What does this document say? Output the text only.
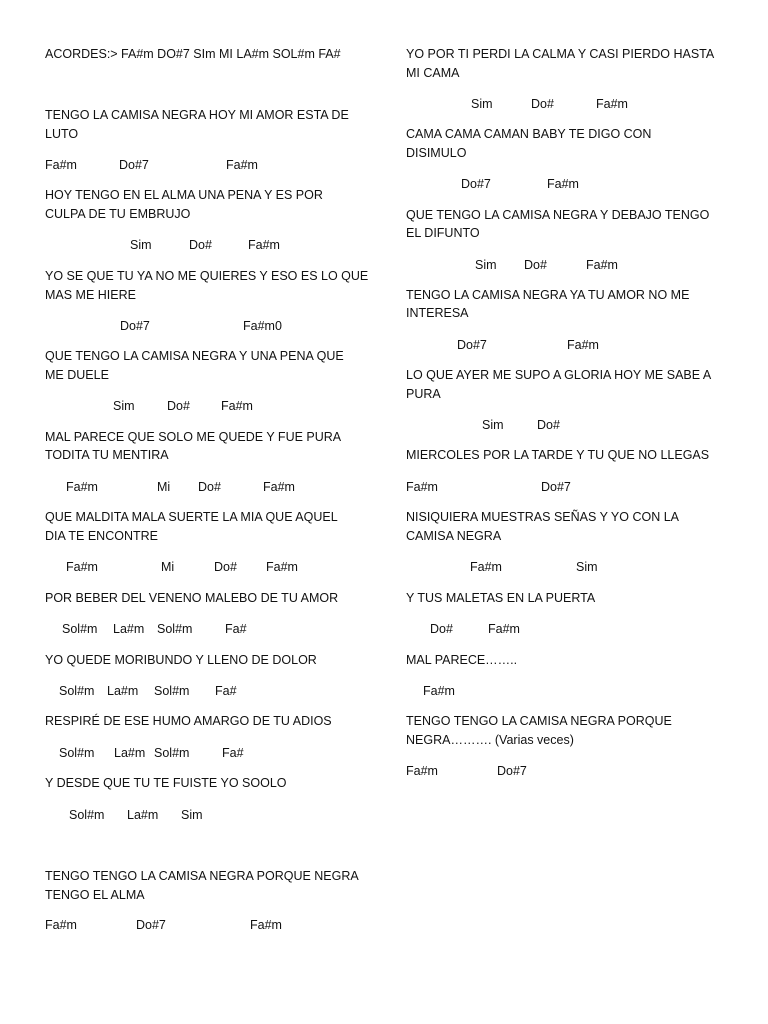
ACORDES:> FA#m DO#7 SIm MI LA#m SOL#m FA#
TENGO LA CAMISA NEGRA HOY MI AMOR ESTA DE
LUTO

Fa#m

	Do#7

	Fa#m

HOY TENGO EN EL ALMA UNA PENA Y ES POR
CULPA DE TU EMBRUJO

Sim

	Do#

	Fa#m

YO SE QUE TU YA NO ME QUIERES Y ESO ES LO QUE
MAS ME HIERE

Do#7

	Fa#m0

QUE TENGO LA CAMISA NEGRA Y UNA PENA QUE
ME DUELE

Sim

	Do#

Fa#m

MAL PARECE QUE SOLO ME QUEDE Y FUE PURA
TODITA TU MENTIRA

Fa#m

	Mi

Do#

	Fa#m

QUE MALDITA MALA SUERTE LA MIA QUE AQUEL
DIA TE ENCONTRE

Fa#m

	Mi

	Do#

Fa#m

POR BEBER DEL VENENO MALEBO DE TU AMOR

Sol#m

La#m

Sol#m

	Fa#

YO QUEDE MORIBUNDO Y LLENO DE DOLOR

Sol#m

La#m

Sol#m

Fa#

RESPIRÉ DE ESE HUMO AMARGO DE TU ADIOS

Sol#m

La#m

Sol#m

	Fa#

Y DESDE QUE TU TE FUISTE YO SOOLO

Sol#m

La#m

Sim

TENGO TENGO LA CAMISA NEGRA PORQUE NEGRA
TENGO EL ALMA

Fa#m

	Do#7

	Fa#m

YO POR TI PERDI LA CALMA Y CASI PIERDO HASTA
MI CAMA

Sim

	Do#

	Fa#m

CAMA CAMA CAMAN BABY TE DIGO CON
DISIMULO

Do#7

	Fa#m

QUE TENGO LA CAMISA NEGRA Y DEBAJO TENGO
EL DIFUNTO

Sim

Do#

	Fa#m

TENGO LA CAMISA NEGRA YA TU AMOR NO ME
INTERESA

Do#7

	Fa#m

LO QUE AYER ME SUPO A GLORIA HOY ME SABE A
PURA

Sim

	Do#

MIERCOLES POR LA TARDE Y TU QUE NO LLEGAS

Fa#m

	Do#7

NISIQUIERA MUESTRAS SEÑAS Y YO CON LA
CAMISA NEGRA

Fa#m

	Sim

Y TUS MALETAS EN LA PUERTA

Do#

	Fa#m

MAL PARECE……..

Fa#m

TENGO TENGO LA CAMISA NEGRA PORQUE
NEGRA………. (Varias veces)

Fa#m

	Do#7
